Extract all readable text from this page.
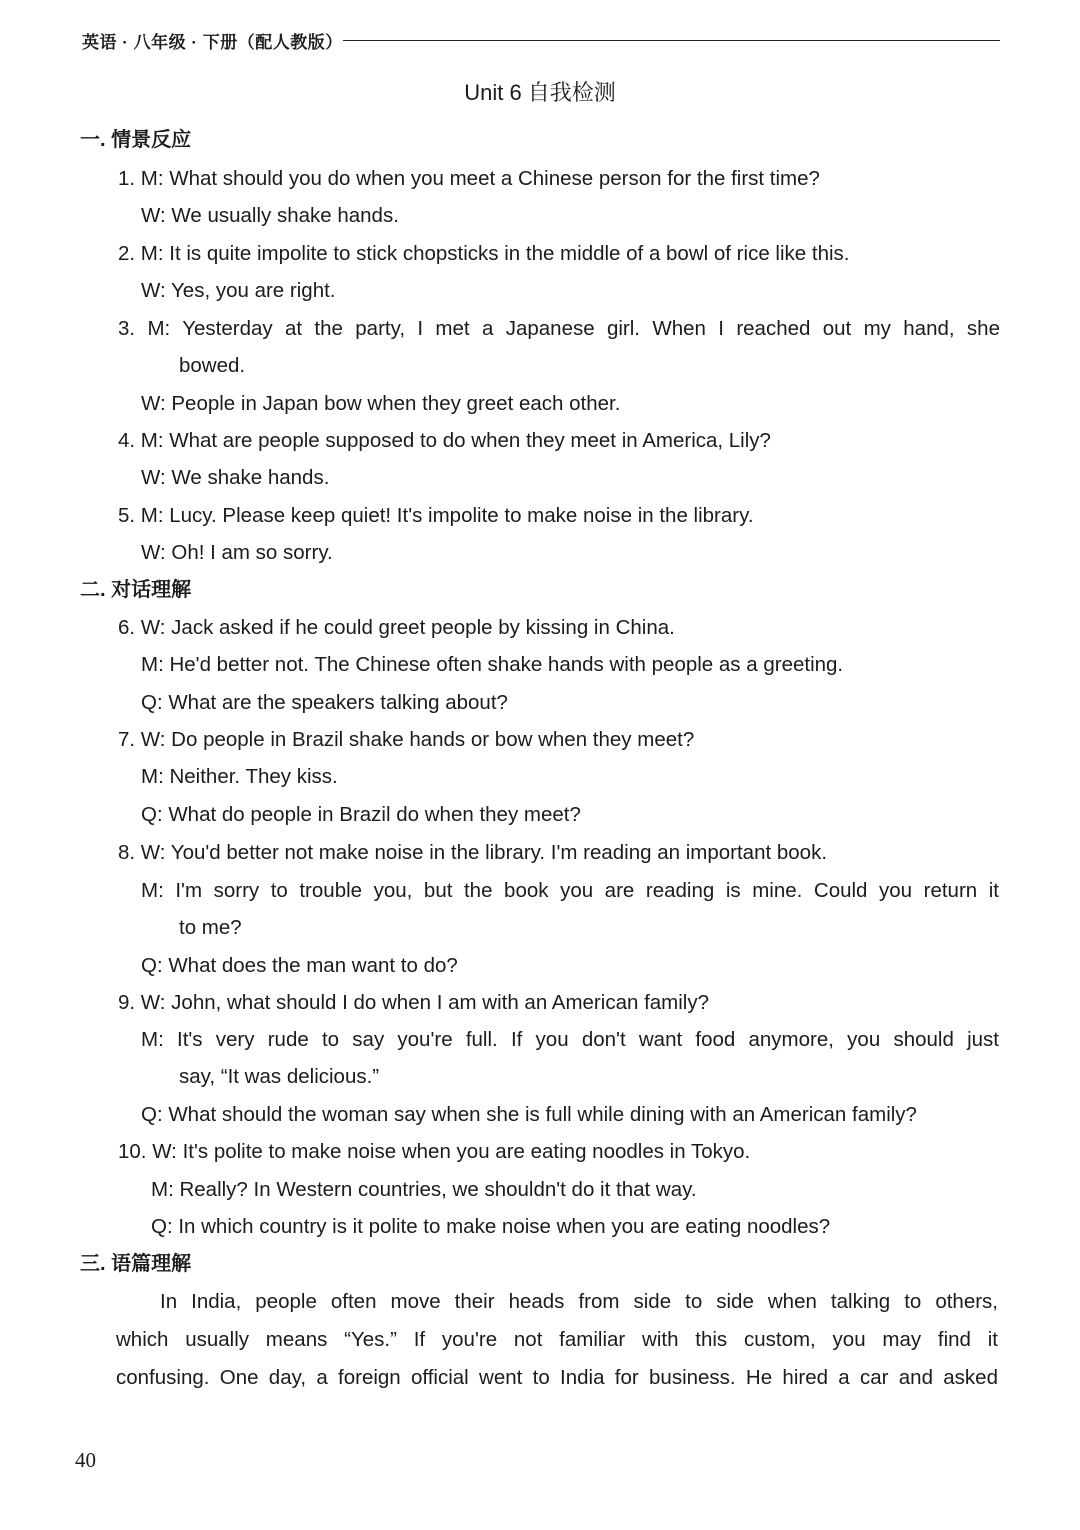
英语 · 八年级 · 下册（配人教版）
Unit 6 自我检测
一. 情景反应
1. M: What should you do when you meet a Chinese person for the first time?
W: We usually shake hands.
2. M: It is quite impolite to stick chopsticks in the middle of a bowl of rice like this.
W: Yes, you are right.
3. M: Yesterday at the party, I met a Japanese girl. When I reached out my hand, she
bowed.
W: People in Japan bow when they greet each other.
4. M: What are people supposed to do when they meet in America, Lily?
W: We shake hands.
5. M: Lucy. Please keep quiet! It's impolite to make noise in the library.
W: Oh! I am so sorry.
二. 对话理解
6. W: Jack asked if he could greet people by kissing in China.
M: He'd better not. The Chinese often shake hands with people as a greeting.
Q: What are the speakers talking about?
7. W: Do people in Brazil shake hands or bow when they meet?
M: Neither. They kiss.
Q: What do people in Brazil do when they meet?
8. W: You'd better not make noise in the library. I'm reading an important book.
M: I'm sorry to trouble you, but the book you are reading is mine. Could you return it
to me?
Q: What does the man want to do?
9. W: John, what should I do when I am with an American family?
M: It's very rude to say you're full. If you don't want food anymore, you should just
say, “It was delicious.”
Q: What should the woman say when she is full while dining with an American family?
10. W: It's polite to make noise when you are eating noodles in Tokyo.
M: Really? In Western countries, we shouldn't do it that way.
Q: In which country is it polite to make noise when you are eating noodles?
三. 语篇理解
In India, people often move their heads from side to side when talking to others,
which usually means “Yes.” If you're not familiar with this custom, you may find it
confusing. One day, a foreign official went to India for business. He hired a car and asked
40
